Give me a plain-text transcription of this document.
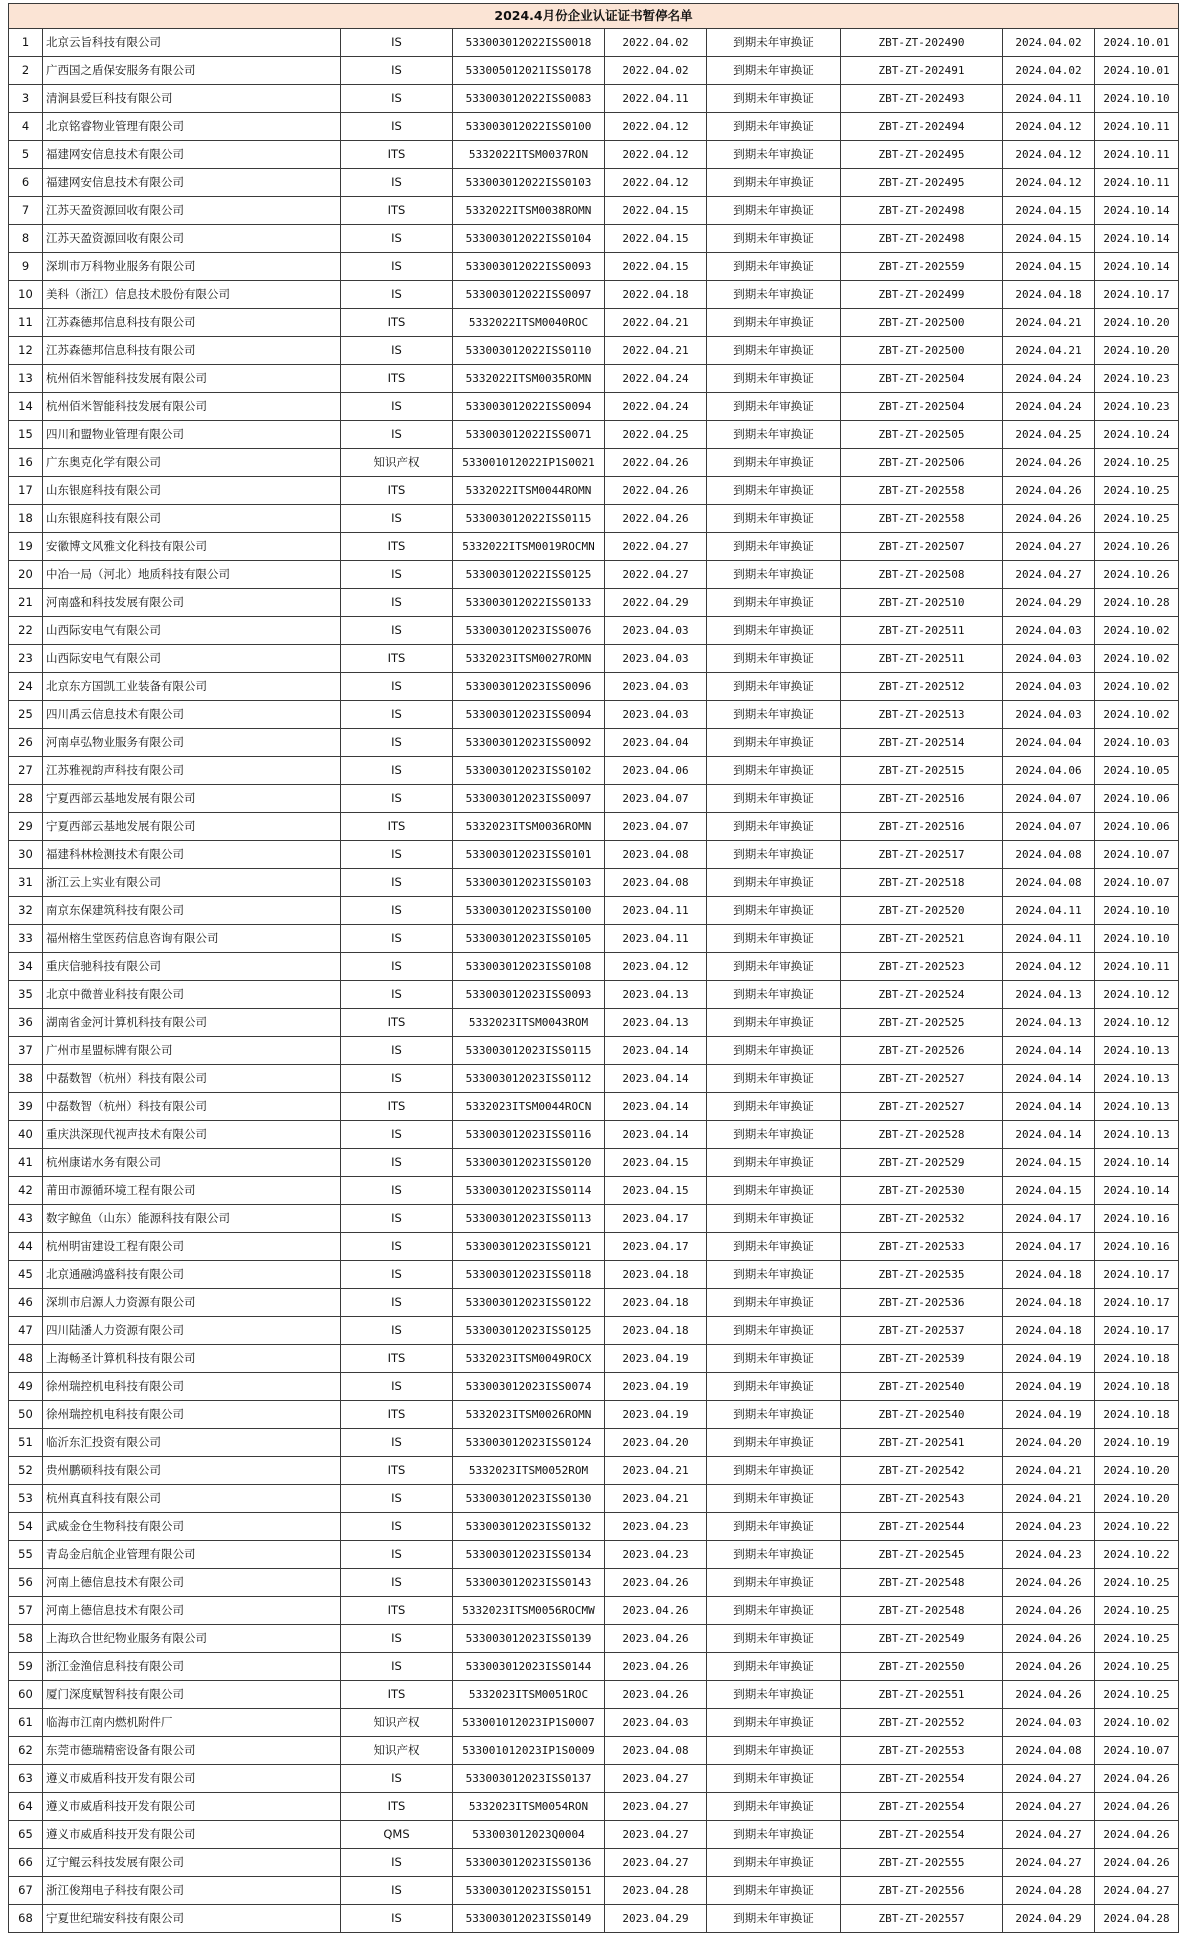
2024.4月份企业认证证书暂停名单								
1	北京云旨科技有限公司	IS	533003012022ISS0018	2022.04.02	到期未年审换证	ZBT-ZT-202490	2024.04.02	2024.10.01
2	广西国之盾保安服务有限公司	IS	533005012021ISS0178	2022.04.02	到期未年审换证	ZBT-ZT-202491	2024.04.02	2024.10.01
3	清涧县爱巨科技有限公司	IS	533003012022ISS0083	2022.04.11	到期未年审换证	ZBT-ZT-202493	2024.04.11	2024.10.10
4	北京铭睿物业管理有限公司	IS	533003012022ISS0100	2022.04.12	到期未年审换证	ZBT-ZT-202494	2024.04.12	2024.10.11
5	福建网安信息技术有限公司	ITS	5332022ITSM0037RON	2022.04.12	到期未年审换证	ZBT-ZT-202495	2024.04.12	2024.10.11
6	福建网安信息技术有限公司	IS	533003012022ISS0103	2022.04.12	到期未年审换证	ZBT-ZT-202495	2024.04.12	2024.10.11
7	江苏天盈资源回收有限公司	ITS	5332022ITSM0038ROMN	2022.04.15	到期未年审换证	ZBT-ZT-202498	2024.04.15	2024.10.14
8	江苏天盈资源回收有限公司	IS	533003012022ISS0104	2022.04.15	到期未年审换证	ZBT-ZT-202498	2024.04.15	2024.10.14
9	深圳市万科物业服务有限公司	IS	533003012022ISS0093	2022.04.15	到期未年审换证	ZBT-ZT-202559	2024.04.15	2024.10.14
10	美科（浙江）信息技术股份有限公司	IS	533003012022ISS0097	2022.04.18	到期未年审换证	ZBT-ZT-202499	2024.04.18	2024.10.17
11	江苏森德邦信息科技有限公司	ITS	5332022ITSM0040ROC	2022.04.21	到期未年审换证	ZBT-ZT-202500	2024.04.21	2024.10.20
12	江苏森德邦信息科技有限公司	IS	533003012022ISS0110	2022.04.21	到期未年审换证	ZBT-ZT-202500	2024.04.21	2024.10.20
13	杭州佰米智能科技发展有限公司	ITS	5332022ITSM0035ROMN	2022.04.24	到期未年审换证	ZBT-ZT-202504	2024.04.24	2024.10.23
14	杭州佰米智能科技发展有限公司	IS	533003012022ISS0094	2022.04.24	到期未年审换证	ZBT-ZT-202504	2024.04.24	2024.10.23
15	四川和盟物业管理有限公司	IS	533003012022ISS0071	2022.04.25	到期未年审换证	ZBT-ZT-202505	2024.04.25	2024.10.24
16	广东奥克化学有限公司	知识产权	533001012022IP1S0021	2022.04.26	到期未年审换证	ZBT-ZT-202506	2024.04.26	2024.10.25
17	山东银庭科技有限公司	ITS	5332022ITSM0044ROMN	2022.04.26	到期未年审换证	ZBT-ZT-202558	2024.04.26	2024.10.25
18	山东银庭科技有限公司	IS	533003012022ISS0115	2022.04.26	到期未年审换证	ZBT-ZT-202558	2024.04.26	2024.10.25
19	安徽博文风雅文化科技有限公司	ITS	5332022ITSM0019ROCMN	2022.04.27	到期未年审换证	ZBT-ZT-202507	2024.04.27	2024.10.26
20	中冶一局（河北）地质科技有限公司	IS	533003012022ISS0125	2022.04.27	到期未年审换证	ZBT-ZT-202508	2024.04.27	2024.10.26
21	河南盛和科技发展有限公司	IS	533003012022ISS0133	2022.04.29	到期未年审换证	ZBT-ZT-202510	2024.04.29	2024.10.28
22	山西际安电气有限公司	IS	533003012023ISS0076	2023.04.03	到期未年审换证	ZBT-ZT-202511	2024.04.03	2024.10.02
23	山西际安电气有限公司	ITS	5332023ITSM0027ROMN	2023.04.03	到期未年审换证	ZBT-ZT-202511	2024.04.03	2024.10.02
24	北京东方国凯工业装备有限公司	IS	533003012023ISS0096	2023.04.03	到期未年审换证	ZBT-ZT-202512	2024.04.03	2024.10.02
25	四川禹云信息技术有限公司	IS	533003012023ISS0094	2023.04.03	到期未年审换证	ZBT-ZT-202513	2024.04.03	2024.10.02
26	河南卓弘物业服务有限公司	IS	533003012023ISS0092	2023.04.04	到期未年审换证	ZBT-ZT-202514	2024.04.04	2024.10.03
27	江苏雅视韵声科技有限公司	IS	533003012023ISS0102	2023.04.06	到期未年审换证	ZBT-ZT-202515	2024.04.06	2024.10.05
28	宁夏西部云基地发展有限公司	IS	533003012023ISS0097	2023.04.07	到期未年审换证	ZBT-ZT-202516	2024.04.07	2024.10.06
29	宁夏西部云基地发展有限公司	ITS	5332023ITSM0036ROMN	2023.04.07	到期未年审换证	ZBT-ZT-202516	2024.04.07	2024.10.06
30	福建科林检测技术有限公司	IS	533003012023ISS0101	2023.04.08	到期未年审换证	ZBT-ZT-202517	2024.04.08	2024.10.07
31	浙江云上实业有限公司	IS	533003012023ISS0103	2023.04.08	到期未年审换证	ZBT-ZT-202518	2024.04.08	2024.10.07
32	南京东保建筑科技有限公司	IS	533003012023ISS0100	2023.04.11	到期未年审换证	ZBT-ZT-202520	2024.04.11	2024.10.10
33	福州榕生堂医药信息咨询有限公司	IS	533003012023ISS0105	2023.04.11	到期未年审换证	ZBT-ZT-202521	2024.04.11	2024.10.10
34	重庆信驰科技有限公司	IS	533003012023ISS0108	2023.04.12	到期未年审换证	ZBT-ZT-202523	2024.04.12	2024.10.11
35	北京中微普业科技有限公司	IS	533003012023ISS0093	2023.04.13	到期未年审换证	ZBT-ZT-202524	2024.04.13	2024.10.12
36	湖南省金河计算机科技有限公司	ITS	5332023ITSM0043ROM	2023.04.13	到期未年审换证	ZBT-ZT-202525	2024.04.13	2024.10.12
37	广州市星盟标牌有限公司	IS	533003012023ISS0115	2023.04.14	到期未年审换证	ZBT-ZT-202526	2024.04.14	2024.10.13
38	中磊数智（杭州）科技有限公司	IS	533003012023ISS0112	2023.04.14	到期未年审换证	ZBT-ZT-202527	2024.04.14	2024.10.13
39	中磊数智（杭州）科技有限公司	ITS	5332023ITSM0044ROCN	2023.04.14	到期未年审换证	ZBT-ZT-202527	2024.04.14	2024.10.13
40	重庆洪深现代视声技术有限公司	IS	533003012023ISS0116	2023.04.14	到期未年审换证	ZBT-ZT-202528	2024.04.14	2024.10.13
41	杭州康诺水务有限公司	IS	533003012023ISS0120	2023.04.15	到期未年审换证	ZBT-ZT-202529	2024.04.15	2024.10.14
42	莆田市源循环境工程有限公司	IS	533003012023ISS0114	2023.04.15	到期未年审换证	ZBT-ZT-202530	2024.04.15	2024.10.14
43	数字鲸鱼（山东）能源科技有限公司	IS	533003012023ISS0113	2023.04.17	到期未年审换证	ZBT-ZT-202532	2024.04.17	2024.10.16
44	杭州明宙建设工程有限公司	IS	533003012023ISS0121	2023.04.17	到期未年审换证	ZBT-ZT-202533	2024.04.17	2024.10.16
45	北京通融鸿盛科技有限公司	IS	533003012023ISS0118	2023.04.18	到期未年审换证	ZBT-ZT-202535	2024.04.18	2024.10.17
46	深圳市启源人力资源有限公司	IS	533003012023ISS0122	2023.04.18	到期未年审换证	ZBT-ZT-202536	2024.04.18	2024.10.17
47	四川陆潘人力资源有限公司	IS	533003012023ISS0125	2023.04.18	到期未年审换证	ZBT-ZT-202537	2024.04.18	2024.10.17
48	上海畅圣计算机科技有限公司	ITS	5332023ITSM0049ROCX	2023.04.19	到期未年审换证	ZBT-ZT-202539	2024.04.19	2024.10.18
49	徐州瑞控机电科技有限公司	IS	533003012023ISS0074	2023.04.19	到期未年审换证	ZBT-ZT-202540	2024.04.19	2024.10.18
50	徐州瑞控机电科技有限公司	ITS	5332023ITSM0026ROMN	2023.04.19	到期未年审换证	ZBT-ZT-202540	2024.04.19	2024.10.18
51	临沂东汇投资有限公司	IS	533003012023ISS0124	2023.04.20	到期未年审换证	ZBT-ZT-202541	2024.04.20	2024.10.19
52	贵州鹏硕科技有限公司	ITS	5332023ITSM0052ROM	2023.04.21	到期未年审换证	ZBT-ZT-202542	2024.04.21	2024.10.20
53	杭州真直科技有限公司	IS	533003012023ISS0130	2023.04.21	到期未年审换证	ZBT-ZT-202543	2024.04.21	2024.10.20
54	武威金仓生物科技有限公司	IS	533003012023ISS0132	2023.04.23	到期未年审换证	ZBT-ZT-202544	2024.04.23	2024.10.22
55	青岛金启航企业管理有限公司	IS	533003012023ISS0134	2023.04.23	到期未年审换证	ZBT-ZT-202545	2024.04.23	2024.10.22
56	河南上德信息技术有限公司	IS	533003012023ISS0143	2023.04.26	到期未年审换证	ZBT-ZT-202548	2024.04.26	2024.10.25
57	河南上德信息技术有限公司	ITS	5332023ITSM0056ROCMW	2023.04.26	到期未年审换证	ZBT-ZT-202548	2024.04.26	2024.10.25
58	上海玖合世纪物业服务有限公司	IS	533003012023ISS0139	2023.04.26	到期未年审换证	ZBT-ZT-202549	2024.04.26	2024.10.25
59	浙江金渔信息科技有限公司	IS	533003012023ISS0144	2023.04.26	到期未年审换证	ZBT-ZT-202550	2024.04.26	2024.10.25
60	厦门深度赋智科技有限公司	ITS	5332023ITSM0051ROC	2023.04.26	到期未年审换证	ZBT-ZT-202551	2024.04.26	2024.10.25
61	临海市江南内燃机附件厂	知识产权	533001012023IP1S0007	2023.04.03	到期未年审换证	ZBT-ZT-202552	2024.04.03	2024.10.02
62	东莞市德瑞精密设备有限公司	知识产权	533001012023IP1S0009	2023.04.08	到期未年审换证	ZBT-ZT-202553	2024.04.08	2024.10.07
63	遵义市威盾科技开发有限公司	IS	533003012023ISS0137	2023.04.27	到期未年审换证	ZBT-ZT-202554	2024.04.27	2024.04.26
64	遵义市威盾科技开发有限公司	ITS	5332023ITSM0054RON	2023.04.27	到期未年审换证	ZBT-ZT-202554	2024.04.27	2024.04.26
65	遵义市威盾科技开发有限公司	QMS	533003012023Q0004	2023.04.27	到期未年审换证	ZBT-ZT-202554	2024.04.27	2024.04.26
66	辽宁鲲云科技发展有限公司	IS	533003012023ISS0136	2023.04.27	到期未年审换证	ZBT-ZT-202555	2024.04.27	2024.04.26
67	浙江俊翔电子科技有限公司	IS	533003012023ISS0151	2023.04.28	到期未年审换证	ZBT-ZT-202556	2024.04.28	2024.04.27
68	宁夏世纪瑞安科技有限公司	IS	533003012023ISS0149	2023.04.29	到期未年审换证	ZBT-ZT-202557	2024.04.29	2024.04.28
